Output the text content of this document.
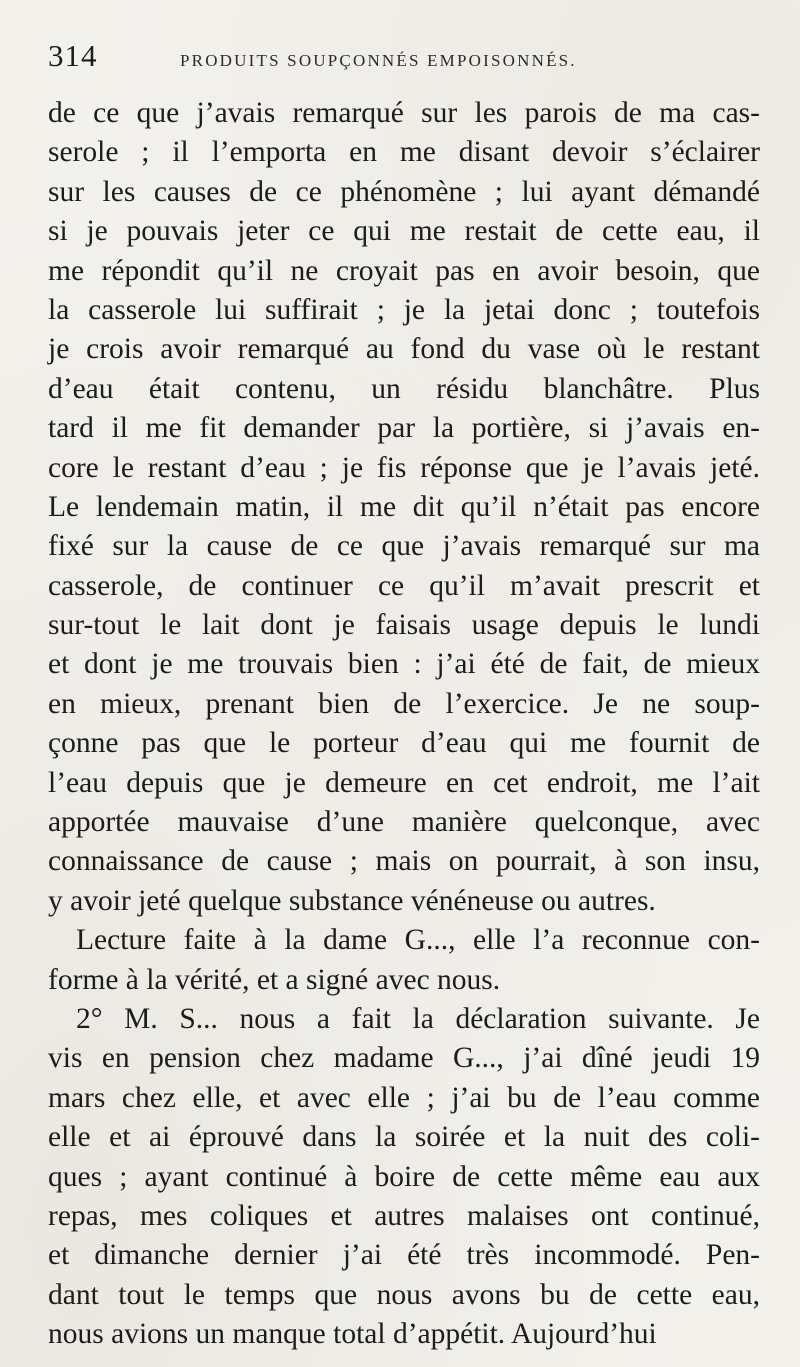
314	PRODUITS SOUPÇONNÉS EMPOISONNÉS.
de ce que j’avais remarqué sur les parois de ma cas-
serole ; il l’emporta en me disant devoir s’éclairer
sur les causes de ce phénomène ; lui ayant démandé
si je pouvais jeter ce qui me restait de cette eau, il
me répondit qu’il ne croyait pas en avoir besoin, que
la casserole lui suffirait ; je la jetai donc ; toutefois
je crois avoir remarqué au fond du vase où le restant
d’eau était contenu, un résidu blanchâtre. Plus
tard il me fit demander par la portière, si j’avais en-
core le restant d’eau ; je fis réponse que je l’avais jeté.
Le lendemain matin, il me dit qu’il n’était pas encore
fixé sur la cause de ce que j’avais remarqué sur ma
casserole, de continuer ce qu’il m’avait prescrit et
sur-tout le lait dont je faisais usage depuis le lundi
et dont je me trouvais bien : j’ai été de fait, de mieux
en mieux, prenant bien de l’exercice. Je ne soup-
çonne pas que le porteur d’eau qui me fournit de
l’eau depuis que je demeure en cet endroit, me l’ait
apportée mauvaise d’une manière quelconque, avec
connaissance de cause ; mais on pourrait, à son insu,
y avoir jeté quelque substance vénéneuse ou autres.
Lecture faite à la dame G..., elle l’a reconnue con-
forme à la vérité, et a signé avec nous.
2° M. S... nous a fait la déclaration suivante. Je
vis en pension chez madame G..., j’ai dîné jeudi 19
mars chez elle, et avec elle ; j’ai bu de l’eau comme
elle et ai éprouvé dans la soirée et la nuit des coli-
ques ; ayant continué à boire de cette même eau aux
repas, mes coliques et autres malaises ont continué,
et dimanche dernier j’ai été très incommodé. Pen-
dant tout le temps que nous avons bu de cette eau,
nous avions un manque total d’appétit. Aujourd’hui
